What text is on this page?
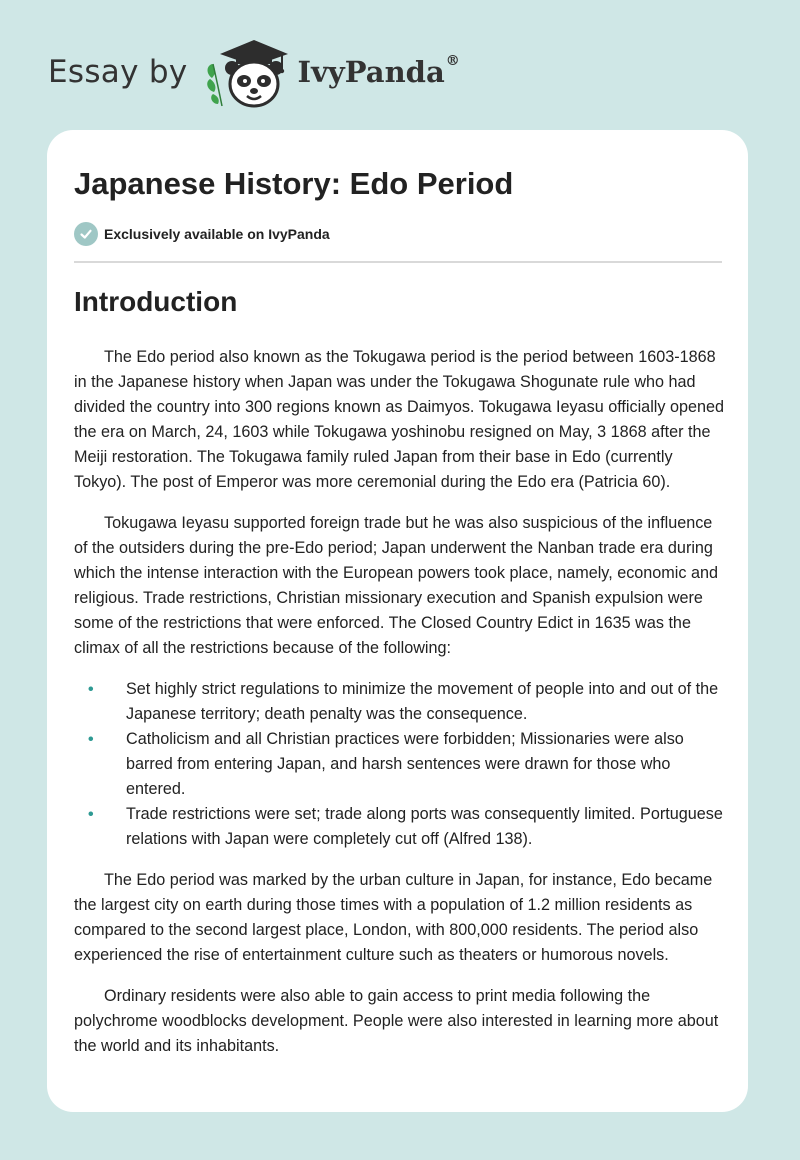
Essay by	IvyPanda®
Japanese History: Edo Period
Exclusively available on IvyPanda
Introduction

The Edo period also known as the Tokugawa period is the period between 1603-1868 in the Japanese history when Japan was under the Tokugawa Shogunate rule who had divided the country into 300 regions known as Daimyos. Tokugawa Ieyasu officially opened the era on March, 24, 1603 while Tokugawa yoshinobu resigned on May, 3 1868 after the Meiji restoration. The Tokugawa family ruled Japan from their base in Edo (currently Tokyo). The post of Emperor was more ceremonial during the Edo era (Patricia 60).

Tokugawa Ieyasu supported foreign trade but he was also suspicious of the influence of the outsiders during the pre-Edo period; Japan underwent the Nanban trade era during which the intense interaction with the European powers took place, namely, economic and religious. Trade restrictions, Christian missionary execution and Spanish expulsion were some of the restrictions that were enforced. The Closed Country Edict in 1635 was the climax of all the restrictions because of the following:

• Set highly strict regulations to minimize the movement of people into and out of the Japanese territory; death penalty was the consequence.
• Catholicism and all Christian practices were forbidden; Missionaries were also barred from entering Japan, and harsh sentences were drawn for those who entered.
• Trade restrictions were set; trade along ports was consequently limited. Portuguese relations with Japan were completely cut off (Alfred 138).

The Edo period was marked by the urban culture in Japan, for instance, Edo became the largest city on earth during those times with a population of 1.2 million residents as compared to the second largest place, London, with 800,000 residents. The period also experienced the rise of entertainment culture such as theaters or humorous novels.

Ordinary residents were also able to gain access to print media following the polychrome woodblocks development. People were also interested in learning more about the world and its inhabitants.
